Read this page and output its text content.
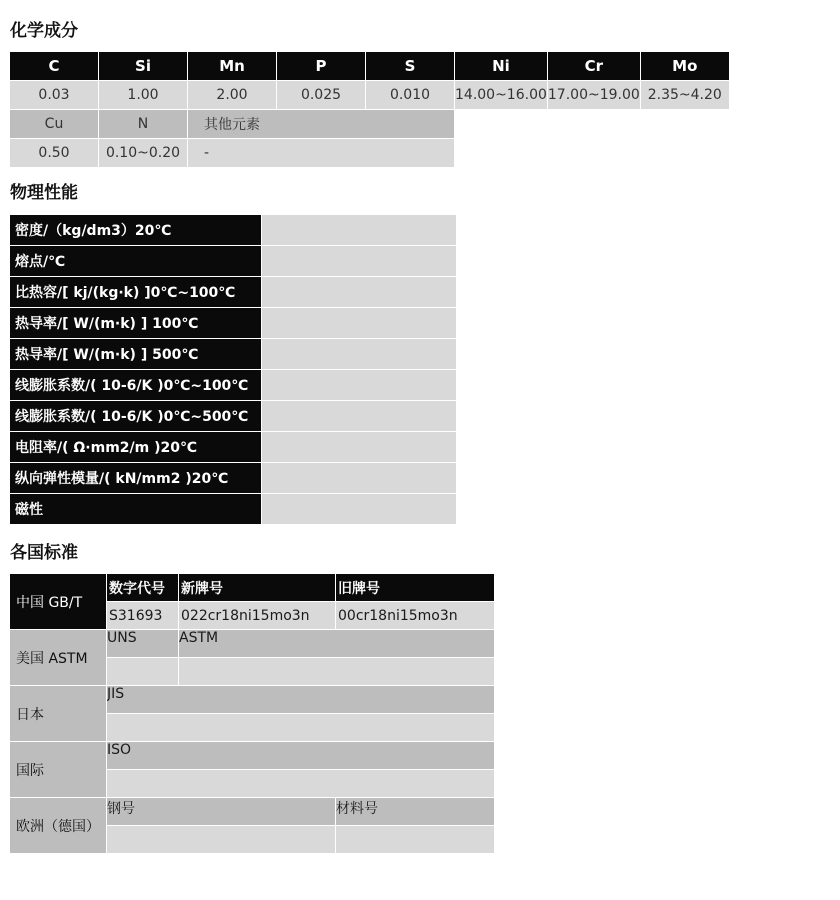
化学成分
C	Si	Mn	P	S	Ni	Cr	Mo
0.03	1.00	2.00	0.025	0.010	14.00~16.00	17.00~19.00	2.35~4.20
Cu	N	其他元素					
0.50	0.10~0.20	-					
物理性能
密度/（kg/dm3）20℃	
熔点/℃	
比热容/[ kj/(kg·k) ]0℃~100℃	
热导率/[ W/(m·k) ] 100℃	
热导率/[ W/(m·k) ] 500℃	
线膨胀系数/( 10-6/K )0℃~100℃	
线膨胀系数/( 10-6/K )0℃~500℃	
电阻率/( Ω·mm2/m )20℃	
纵向弹性模量/( kN/mm2 )20℃	
磁性	
各国标准
中国 GB/T	数字代号	新牌号	旧牌号
	S31693	022cr18ni15mo3n	00cr18ni15mo3n
美国 ASTM	UNS	ASTM	

日本	JIS		

国际	ISO		

欧洲（德国）	钢号		材料号
